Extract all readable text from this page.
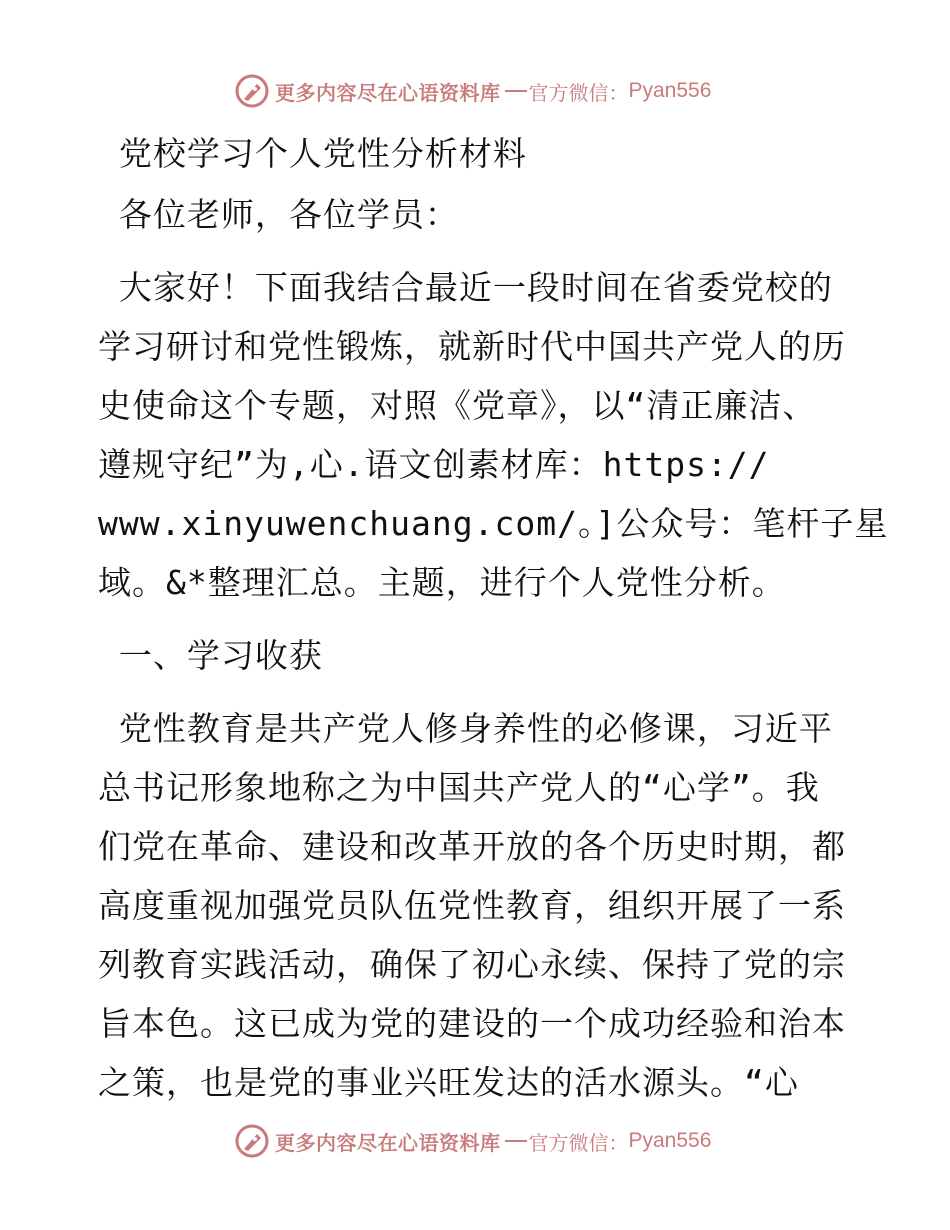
更多内容尽在心语资料库 官方微信： Pyan556
党校学习个人党性分析材料
各位老师，各位学员：
大家好！下面我结合最近一段时间在省委党校的
学习研讨和党性锻炼，就新时代中国共产党人的历
史使命这个专题，对照《党章》，以“清正廉洁、
遵规守纪”为,心.语文创素材库：https://
www.xinyuwenchuang.com/。]公众号：笔杆子星
域。&*整理汇总。主题，进行个人党性分析。
一、学习收获
党性教育是共产党人修身养性的必修课，习近平
总书记形象地称之为中国共产党人的“心学”。我
们党在革命、建设和改革开放的各个历史时期，都
高度重视加强党员队伍党性教育，组织开展了一系
列教育实践活动，确保了初心永续、保持了党的宗
旨本色。这已成为党的建设的一个成功经验和治本
之策，也是党的事业兴旺发达的活水源头。“心
更多内容尽在心语资料库 官方微信： Pyan556
